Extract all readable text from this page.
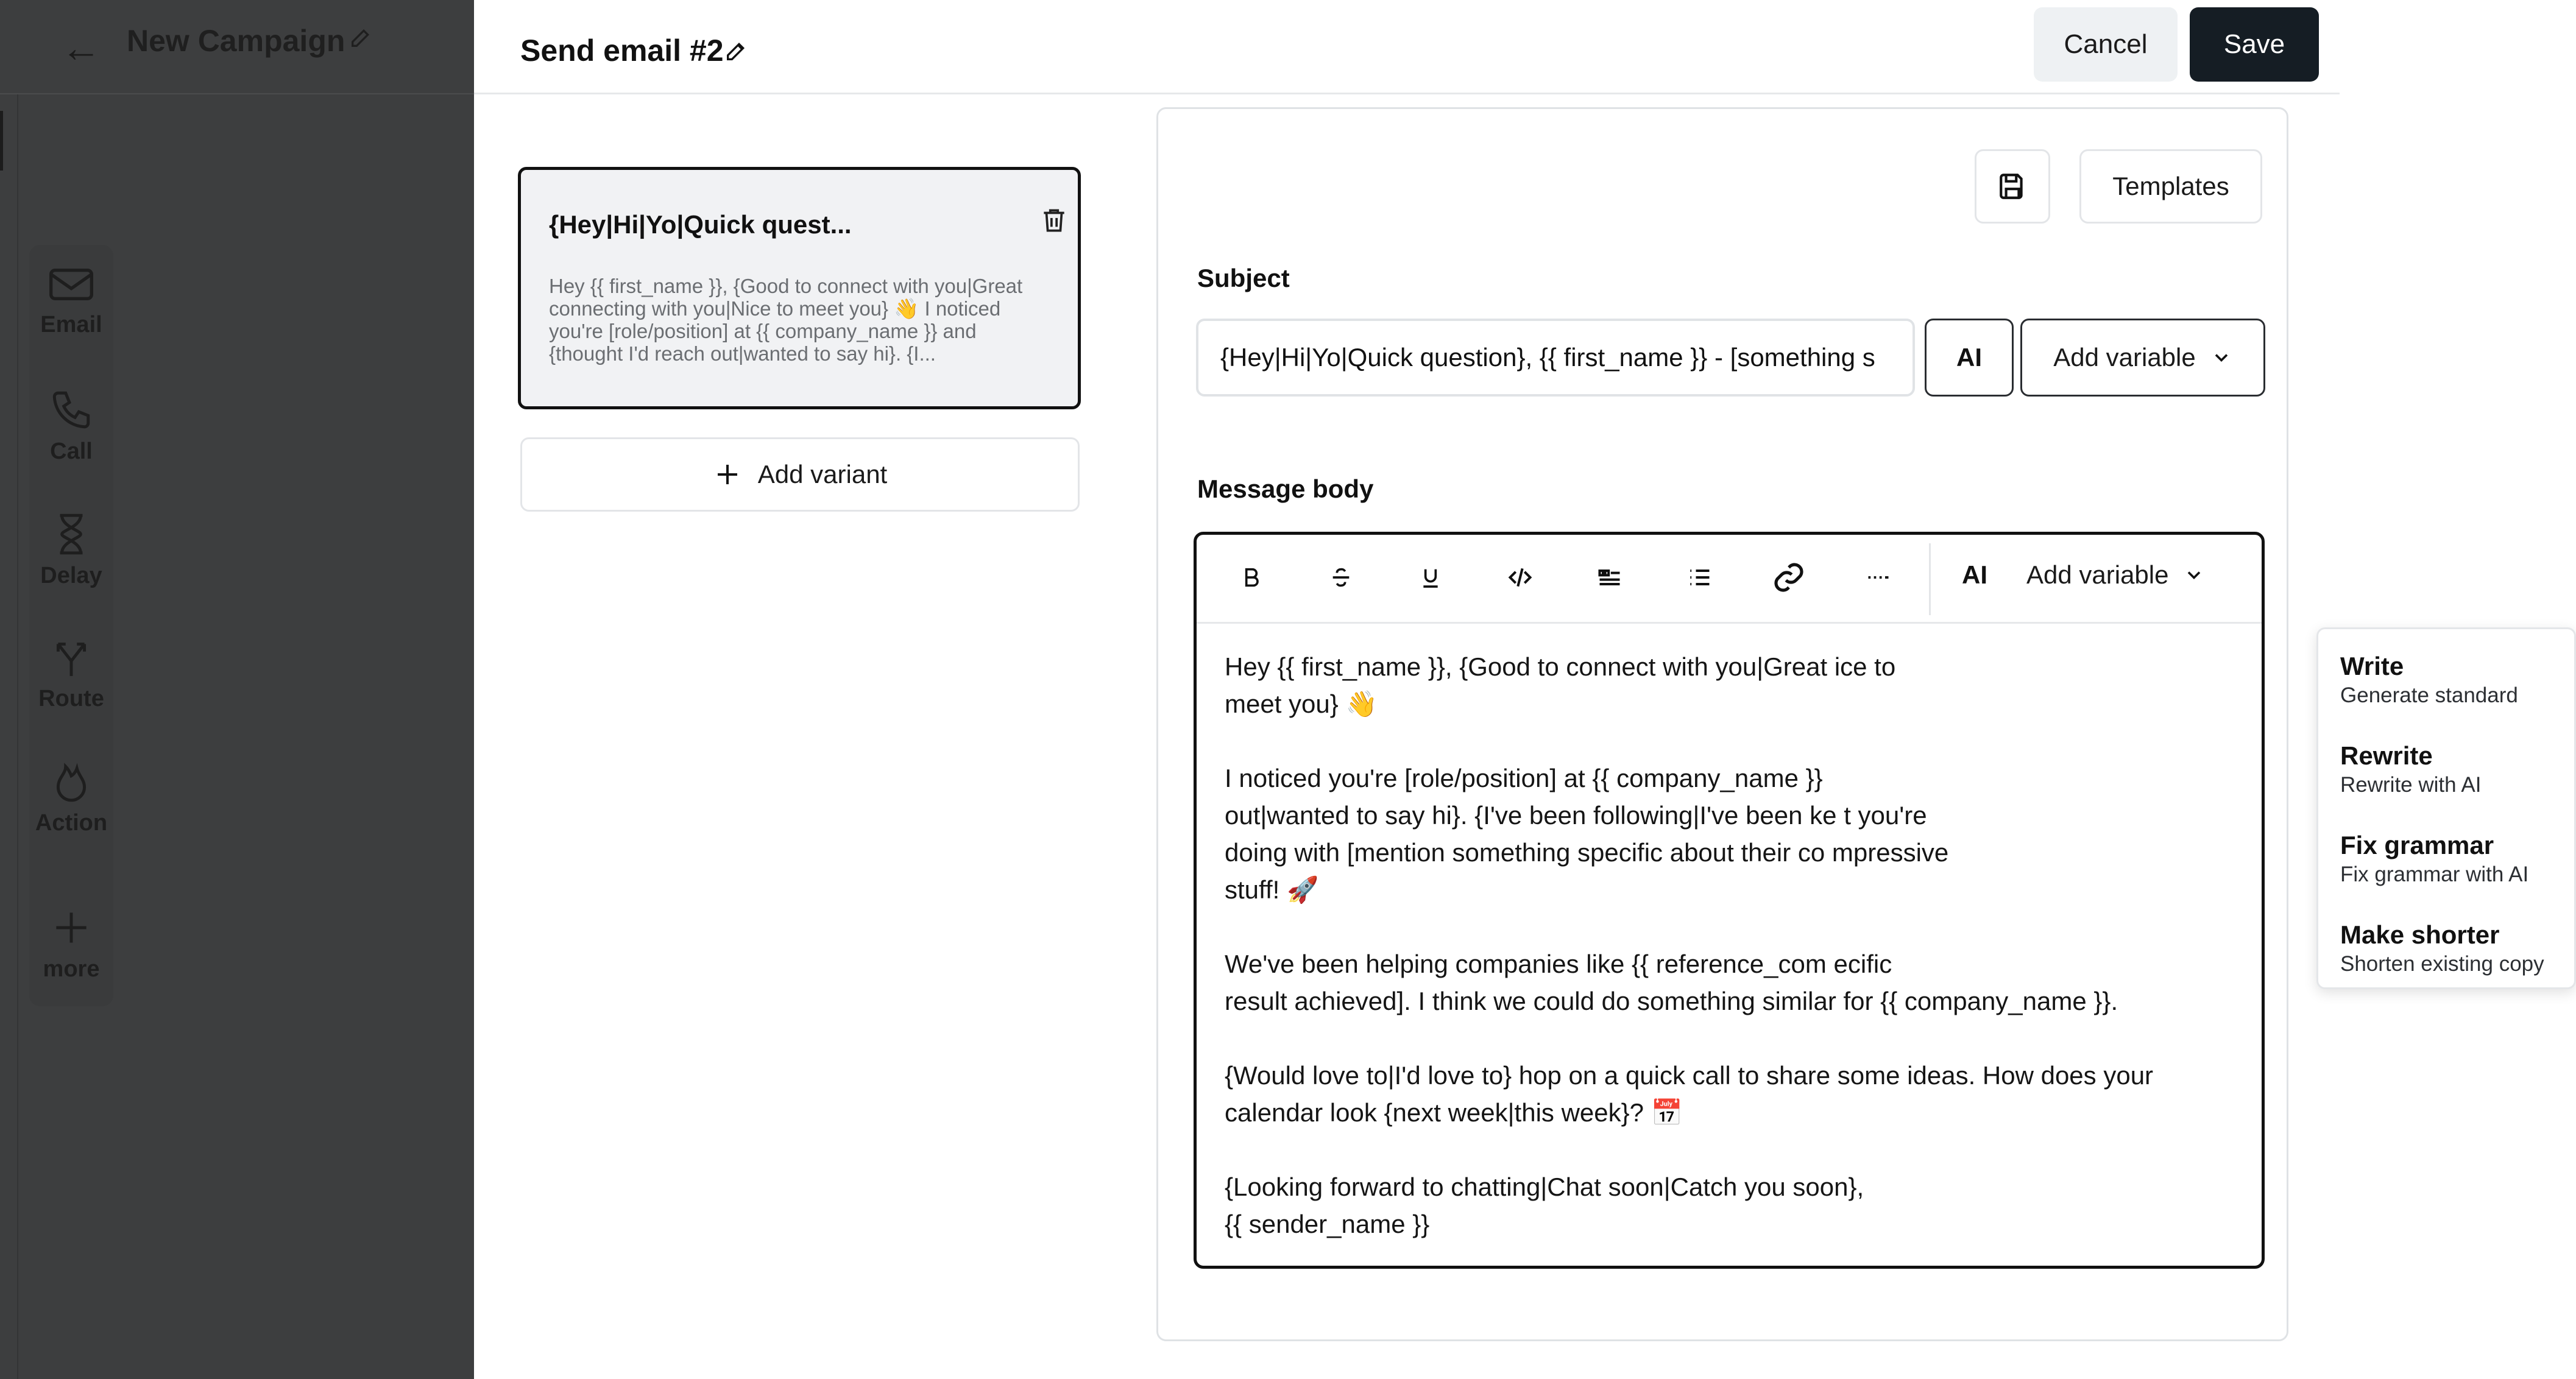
← New Campaign
Email
Call
Delay
Route
Action
more
Send email #2	Cancel	Save
{Hey|Hi|Yo|Quick quest...
Hey {{ first_name }}, {Good to connect with you|Great connecting with you|Nice to meet you} 👋 I noticed you're [role/position] at {{ company_name }} and {thought I'd reach out|wanted to say hi}. {I...
Add variant
Templates
Subject
{Hey|Hi|Yo|Quick question}, {{ first_name }} - [something s	AI	Add variable
Message body
AI Add variable

Hey {{ first_name }}, {Good to connect with you|Great ice to
meet you} 👋

I noticed you're [role/position] at {{ company_name }}
out|wanted to say hi}. {I've been following|I've been ke t you're
doing with [mention something specific about their co mpressive
stuff! 🚀

We've been helping companies like {{ reference_com ecific
result achieved]. I think we could do something similar for {{ company_name }}.

{Would love to|I'd love to} hop on a quick call to share some ideas. How does your
calendar look {next week|this week}? 📅

{Looking forward to chatting|Chat soon|Catch you soon},
{{ sender_name }}

Write
Generate standard
Rewrite
Rewrite with AI
Fix grammar
Fix grammar with AI
Make shorter
Shorten existing copy
